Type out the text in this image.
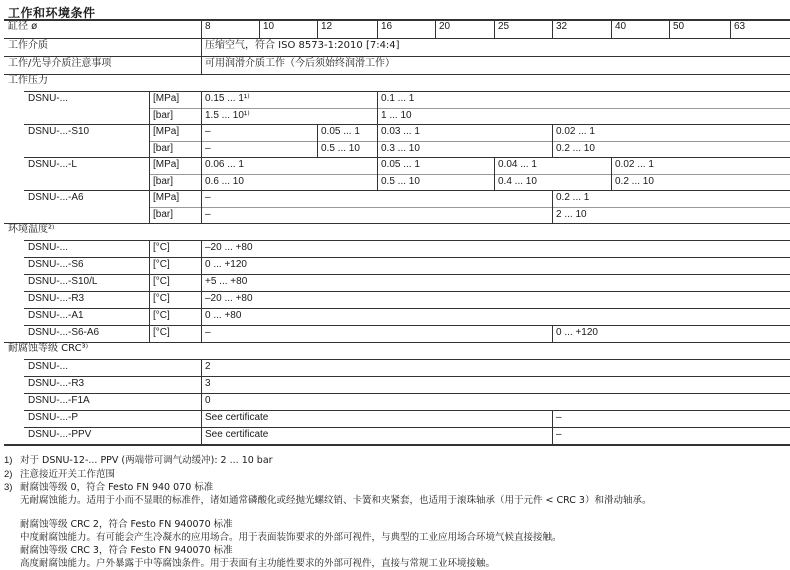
工作和环境条件
缸径 ø	8	10	12	16	20	25	32	40	50	63
工作介质	压缩空气，符合 ISO 8573-1:2010 [7:4:4]
工作/先导介质注意事项	可用润滑介质工作（今后须始终润滑工作）
工作压力
DSNU-...	[MPa]	0.15 ... 1¹⁾	0.1 ... 1
[bar]	1.5 ... 10¹⁾	1 ... 10
DSNU-...-S10	[MPa]	–	0.05 ... 1	0.03 ... 1	0.02 ... 1
[bar]	–	0.5 ... 10	0.3 ... 10	0.2 ... 10
DSNU-...-L	[MPa]	0.06 ... 1	0.05 ... 1	0.04 ... 1	0.02 ... 1
[bar]	0.6 ... 10	0.5 ... 10	0.4 ... 10	0.2 ... 10
DSNU-...-A6	[MPa]	–	0.2 ... 1
[bar]	–	2 ... 10
环境温度²⁾
DSNU-...	[°C]	–20 ... +80
DSNU-...-S6	[°C]	0 ... +120
DSNU-...-S10/L	[°C]	+5 ... +80
DSNU-...-R3	[°C]	–20 ... +80
DSNU-...-A1	[°C]	0 ... +80
DSNU-...-S6-A6	[°C]	–	0 ... +120
耐腐蚀等级 CRC³⁾
DSNU-...	2
DSNU-...-R3	3
DSNU-...-F1A	0
DSNU-...-P	See certificate	–
DSNU-...-PPV	See certificate	–
1) 对于 DSNU-12-... PPV (两端带可调气动缓冲): 2 ... 10 bar
2) 注意接近开关工作范围
3) 耐腐蚀等级 0，符合 Festo FN 940 070 标准
无耐腐蚀能力。适用于小而不显眼的标准件，诸如通常磷酸化或经抛光螺纹销、卡簧和夹紧套，也适用于滚珠轴承（用于元件 < CRC 3）和滑动轴承。
耐腐蚀等级 CRC 2，符合 Festo FN 940070 标准
中度耐腐蚀能力。有可能会产生冷凝水的应用场合。用于表面装饰要求的外部可视件，与典型的工业应用场合环境气候直接接触。
耐腐蚀等级 CRC 3，符合 Festo FN 940070 标准
高度耐腐蚀能力。户外暴露于中等腐蚀条件。用于表面有主功能性要求的外部可视件，直接与常规工业环境接触。
